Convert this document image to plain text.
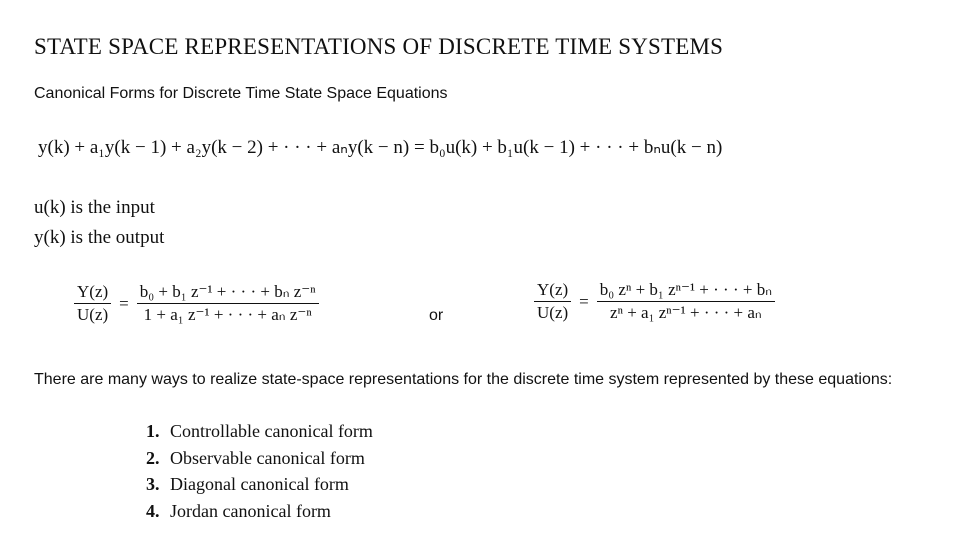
STATE SPACE REPRESENTATIONS OF DISCRETE TIME SYSTEMS
Canonical Forms for Discrete Time State Space Equations
y(k) + a₁y(k − 1) + a₂y(k − 2) + · · · + aₙy(k − n) = b₀u(k) + b₁u(k − 1) + · · · + bₙu(k − n)
u(k) is the input
y(k) is the output
$\frac{Y(z)}{U(z)} = \frac{\text{b₀ + b₁ z⁻¹ + · · · + bₙ z⁻ⁿ}}{\text{1 + a₁ z⁻¹ + · · · + aₙ z⁻ⁿ}}$	or	$\frac{Y(z)}{U(z)} = \frac{\text{b₀ zⁿ + b₁ zⁿ⁻¹ + · · · + bₙ}}{\text{zⁿ + a₁ zⁿ⁻¹ + · · · + aₙ}}$
There are many ways to realize state-space representations for the discrete time system represented by these equations:
1. Controllable canonical form
2. Observable canonical form
3. Diagonal canonical form
4. Jordan canonical form
